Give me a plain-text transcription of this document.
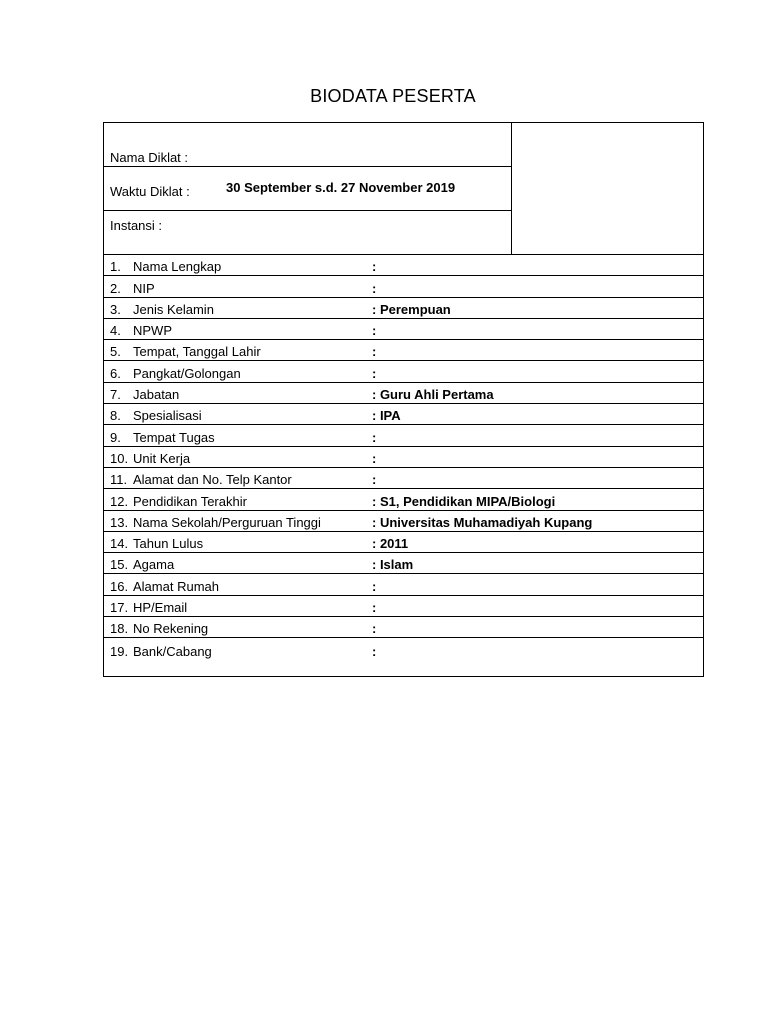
BIODATA PESERTA
Nama Diklat :
Waktu Diklat :	30 September s.d. 27 November 2019
Instansi :
1. Nama Lengkap	:
2. NIP	:
3. Jenis Kelamin	: Perempuan
4. NPWP	:
5. Tempat, Tanggal Lahir	:
6. Pangkat/Golongan	:
7. Jabatan	: Guru Ahli Pertama
8. Spesialisasi	: IPA
9. Tempat Tugas	:
10. Unit Kerja	:
11. Alamat dan No. Telp Kantor	:
12. Pendidikan Terakhir	: S1, Pendidikan MIPA/Biologi
13. Nama Sekolah/Perguruan Tinggi	: Universitas Muhamadiyah Kupang
14. Tahun Lulus	: 2011
15. Agama	: Islam
16. Alamat Rumah	:
17. HP/Email	:
18. No Rekening	:
19. Bank/Cabang	:
